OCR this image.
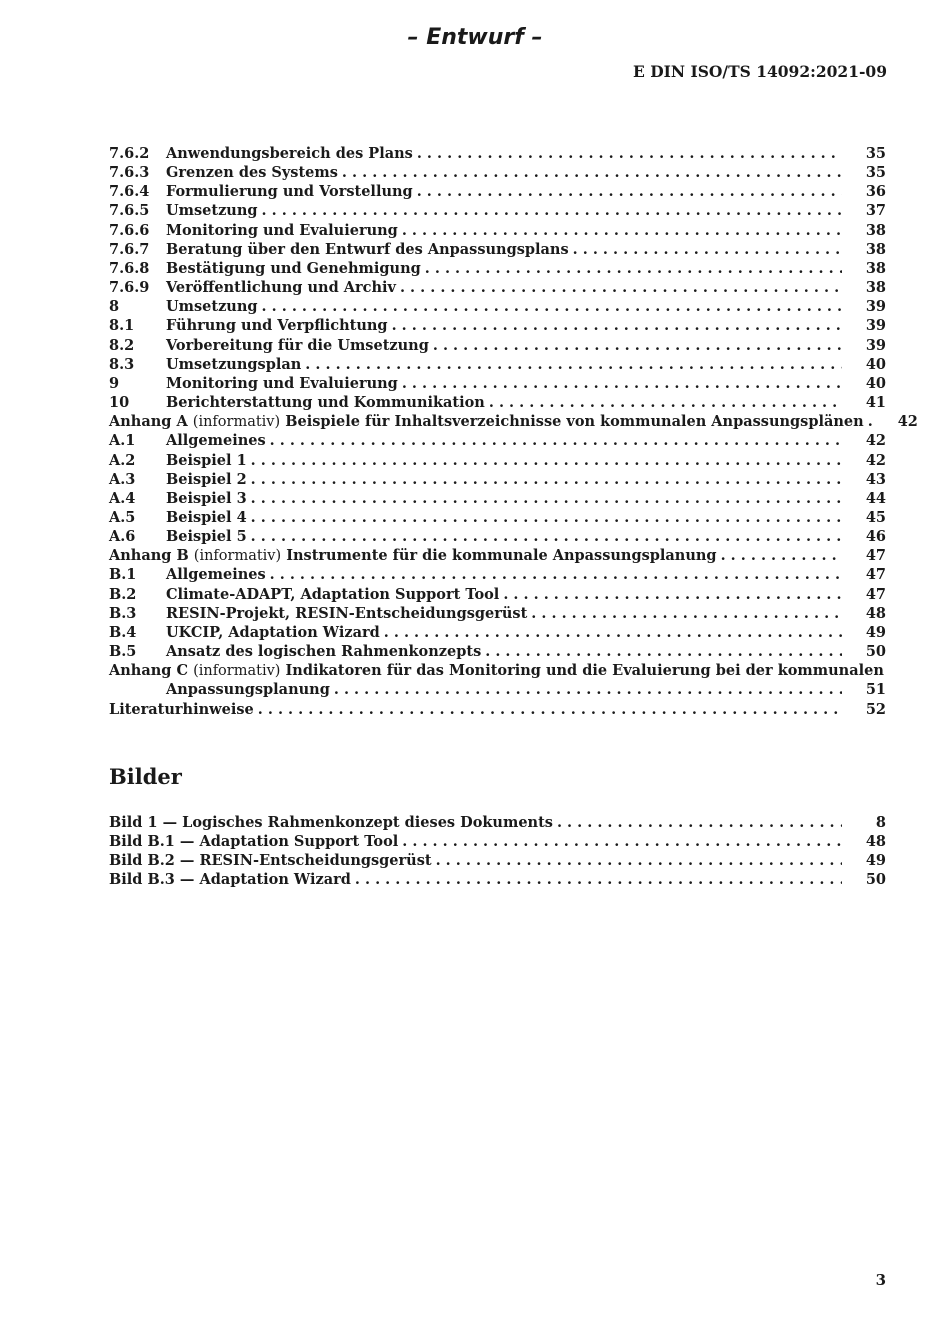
– Entwurf –
E DIN ISO/TS 14092:2021-09
7.6.2	Anwendungsbereich des Plans . . .	35
7.6.3	Grenzen des Systems . . .	35
7.6.4	Formulierung und Vorstellung . . .	36
7.6.5	Umsetzung . . .	37
7.6.6	Monitoring und Evaluierung . . .	38
7.6.7	Beratung über den Entwurf des Anpassungsplans . . .	38
7.6.8	Bestätigung und Genehmigung . . .	38
7.6.9	Veröffentlichung und Archiv . . .	38
8	Umsetzung . . .	39
8.1	Führung und Verpflichtung . . .	39
8.2	Vorbereitung für die Umsetzung . . .	39
8.3	Umsetzungsplan . . .	40
9	Monitoring und Evaluierung . . .	40
10	Berichterstattung und Kommunikation . . .	41
Anhang A (informativ) Beispiele für Inhaltsverzeichnisse von kommunalen Anpassungsplänen . . . 42
A.1	Allgemeines . . .	42
A.2	Beispiel 1 . . .	42
A.3	Beispiel 2 . . .	43
A.4	Beispiel 3 . . .	44
A.5	Beispiel 4 . . .	45
A.6	Beispiel 5 . . .	46
Anhang B (informativ) Instrumente für die kommunale Anpassungsplanung . . .	47
B.1	Allgemeines . . .	47
B.2	Climate-ADAPT, Adaptation Support Tool . . .	47
B.3	RESIN-Projekt, RESIN-Entscheidungsgerüst . . .	48
B.4	UKCIP, Adaptation Wizard . . .	49
B.5	Ansatz des logischen Rahmenkonzepts . . .	50
Anhang C (informativ) Indikatoren für das Monitoring und die Evaluierung bei der kommunalen
Anpassungsplanung . . .	51
Literaturhinweise . . .	52
Bilder
Bild 1 — Logisches Rahmenkonzept dieses Dokuments . . .	8
Bild B.1 — Adaptation Support Tool . . .	48
Bild B.2 — RESIN-Entscheidungsgerüst . . .	49
Bild B.3 — Adaptation Wizard . . .	50
3
